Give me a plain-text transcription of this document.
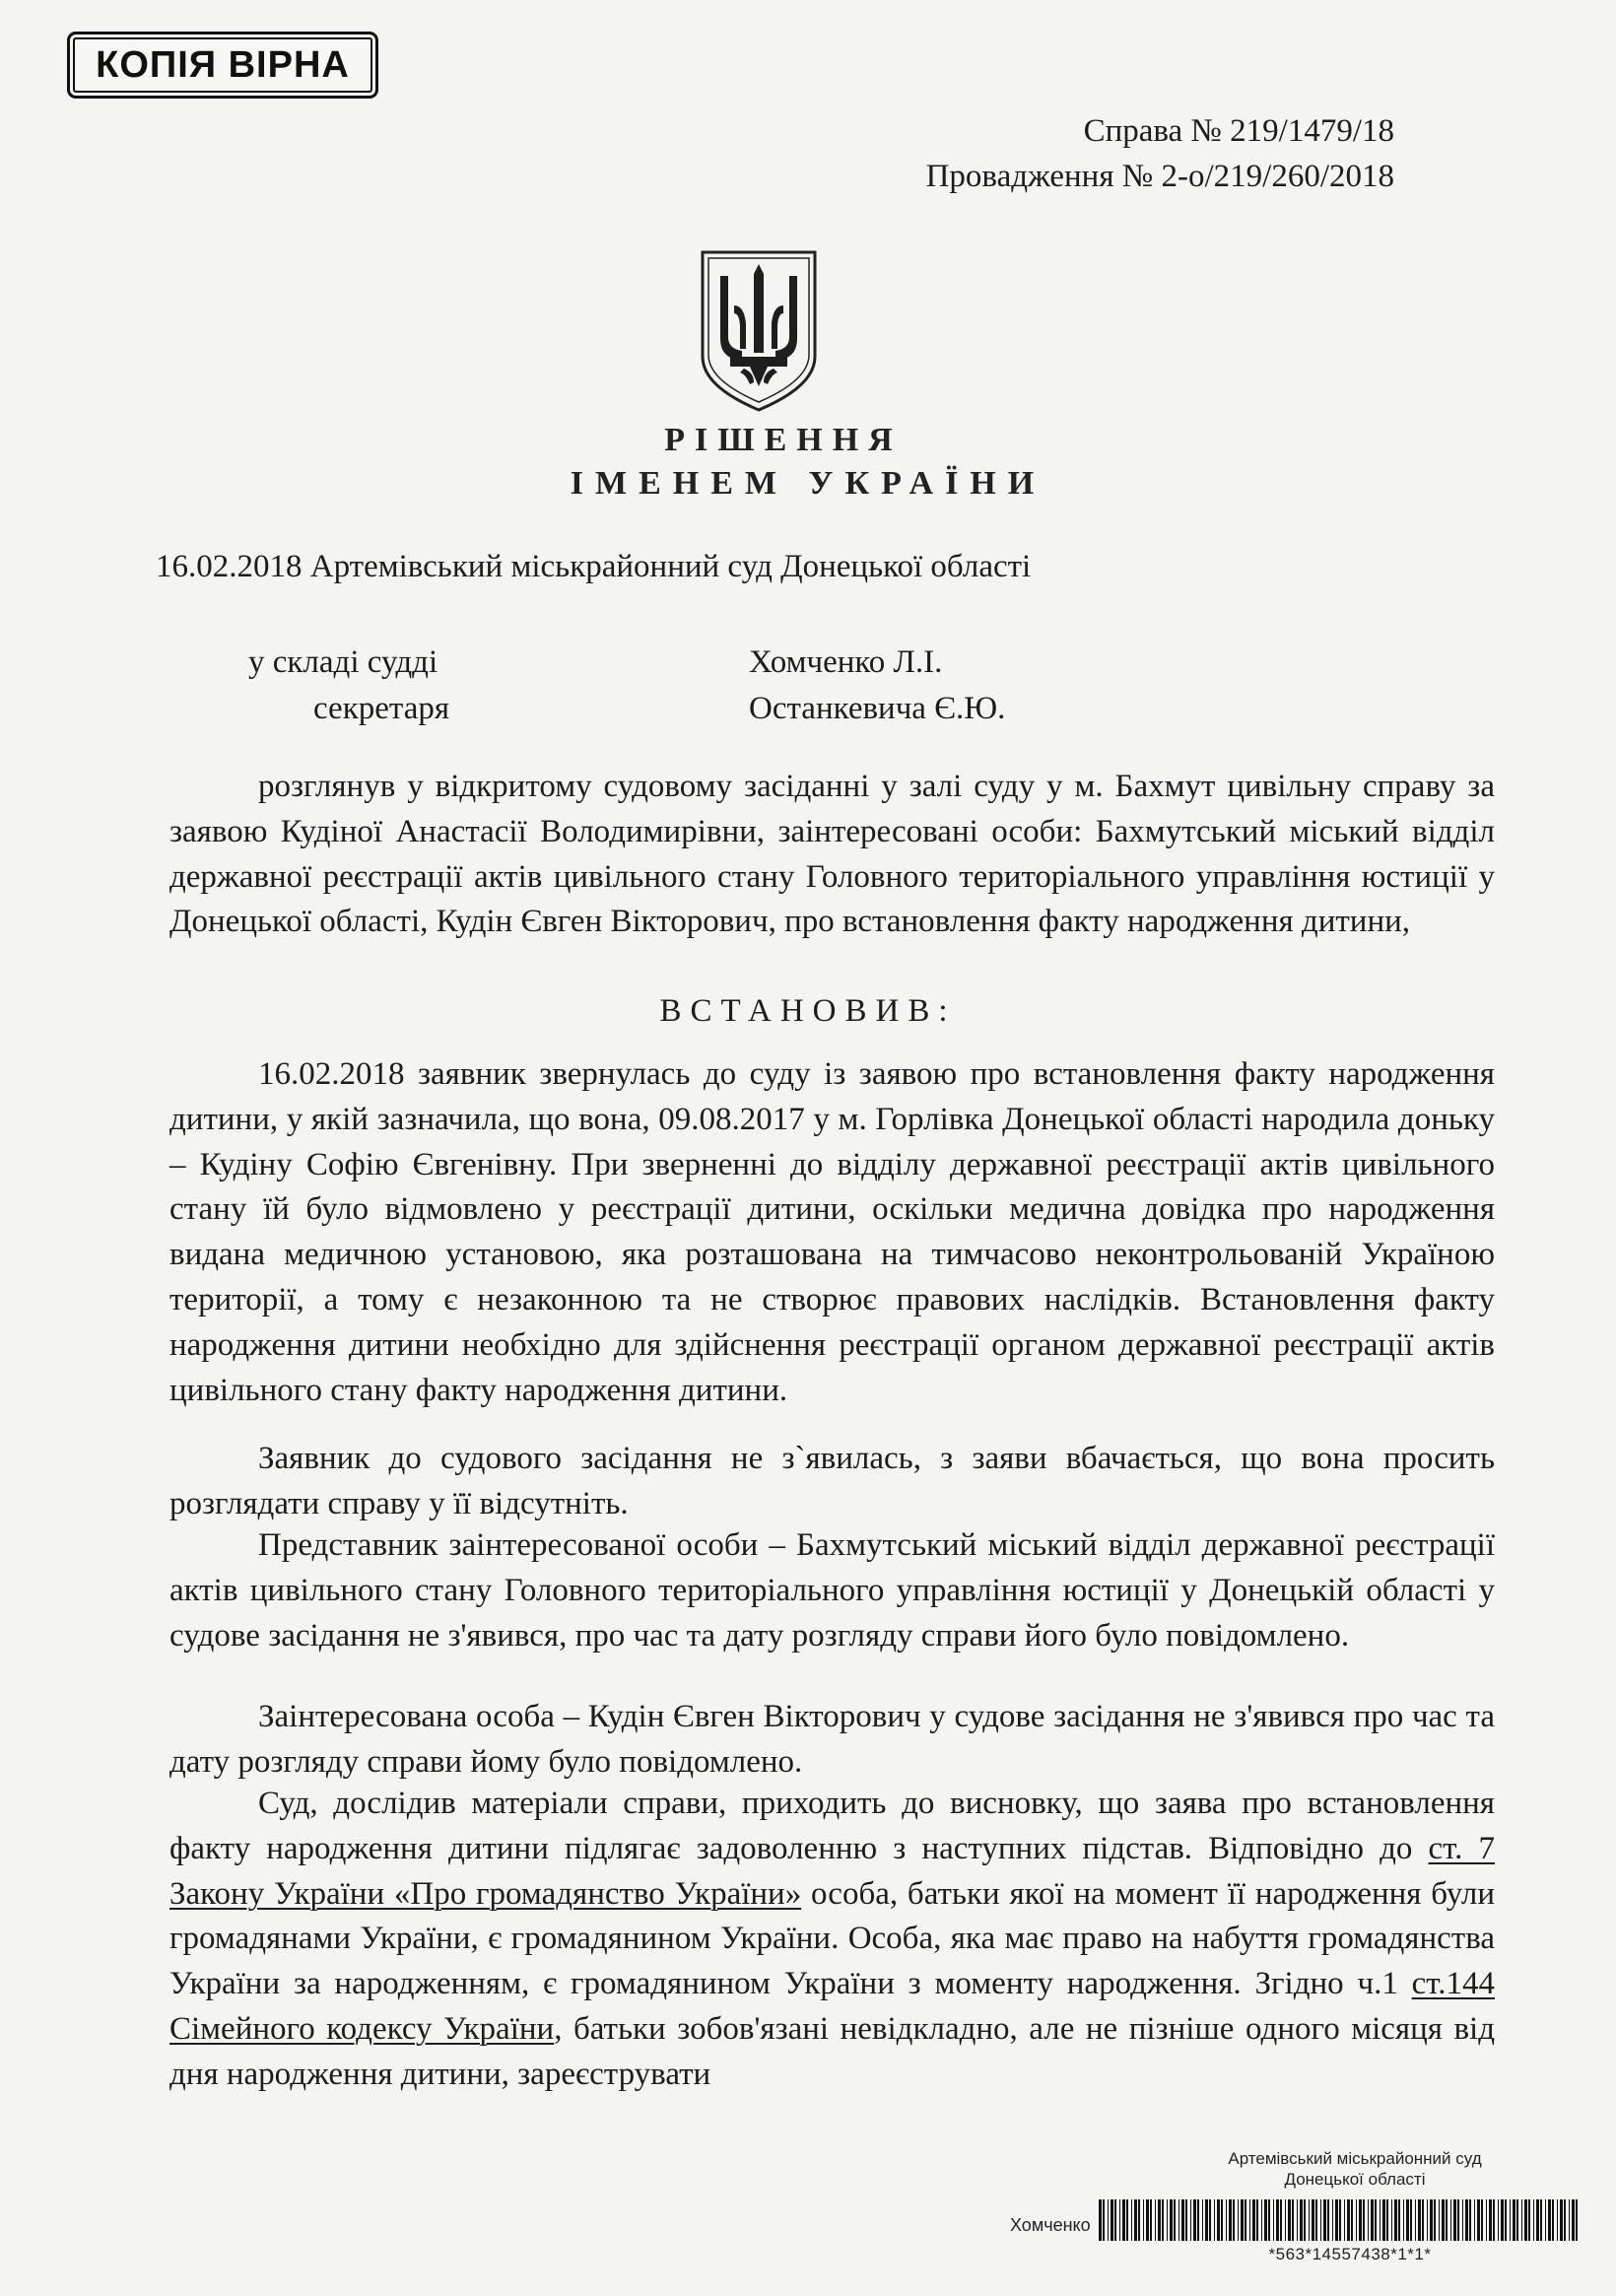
КОПІЯ ВІРНА
Справа № 219/1479/18
Провадження № 2-о/219/260/2018
РІШЕННЯ
ІМЕНЕМ УКРАЇНИ
16.02.2018 Артемівський міськрайонний суд Донецької області
у складі судді	Хомченко Л.І.
секретаря	Останкевича Є.Ю.

розглянув у відкритому судовому засіданні у залі суду у м. Бахмут цивільну справу за заявою Кудіної Анастасії Володимирівни, заінтересовані особи: Бахмутський міський відділ державної реєстрації актів цивільного стану Головного територіального управління юстиції у Донецької області, Кудін Євген Вікторович, про встановлення факту народження дитини,

ВСТАНОВИВ:

16.02.2018 заявник звернулась до суду із заявою про встановлення факту народження дитини, у якій зазначила, що вона, 09.08.2017 у м. Горлівка Донецької області народила доньку – Кудіну Софію Євгенівну. При зверненні до відділу державної реєстрації актів цивільного стану їй було відмовлено у реєстрації дитини, оскільки медична довідка про народження видана медичною установою, яка розташована на тимчасово неконтрольованій Україною території, а тому є незаконною та не створює правових наслідків. Встановлення факту народження дитини необхідно для здійснення реєстрації органом державної реєстрації актів цивільного стану факту народження дитини.

Заявник до судового засідання не з`явилась, з заяви вбачається, що вона просить розглядати справу у її відсутніть.

Представник заінтересованої особи – Бахмутський міський відділ державної реєстрації актів цивільного стану Головного територіального управління юстиції у Донецькій області у судове засідання не з'явився, про час та дату розгляду справи його було повідомлено.

Заінтересована особа – Кудін Євген Вікторович у судове засідання не з'явився про час та дату розгляду справи йому було повідомлено.

Суд, дослідив матеріали справи, приходить до висновку, що заява про встановлення факту народження дитини підлягає задоволенню з наступних підстав. Відповідно до ст. 7 Закону України «Про громадянство України» особа, батьки якої на момент її народження були громадянами України, є громадянином України. Особа, яка має право на набуття громадянства України за народженням, є громадянином України з моменту народження. Згідно ч.1 ст.144 Сімейного кодексу України, батьки зобов'язані невідкладно, але не пізніше одного місяця від дня народження дитини, зареєструвати

Артемівський міськрайонний суд
Донецької області
Хомченко
*563*14557438*1*1*
